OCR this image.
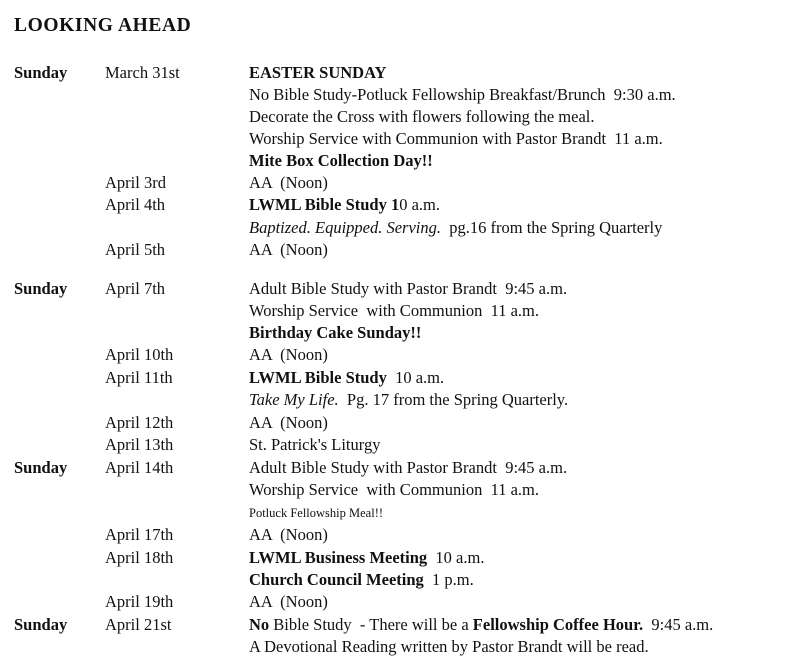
LOOKING AHEAD
Sunday March 31st	EASTER SUNDAY
No Bible Study-Potluck Fellowship Breakfast/Brunch  9:30 a.m.
Decorate the Cross with flowers following the meal.
Worship Service with Communion with Pastor Brandt  11 a.m.
Mite Box Collection Day!!
April 3rd	AA  (Noon)
April 4th	LWML Bible Study 10 a.m.
Baptized. Equipped. Serving.  pg.16 from the Spring Quarterly
April 5th	AA  (Noon)
Sunday April 7th	Adult Bible Study with Pastor Brandt  9:45 a.m.
Worship Service  with Communion  11 a.m.
Birthday Cake Sunday!!
April 10th	AA  (Noon)
April 11th	LWML Bible Study  10 a.m.
Take My Life.  Pg. 17 from the Spring Quarterly.
April 12th	AA  (Noon)
April 13th	St. Patrick's Liturgy
Sunday April 14th	Adult Bible Study with Pastor Brandt  9:45 a.m.
Worship Service  with Communion  11 a.m.
Potluck Fellowship Meal!!
April 17th	AA  (Noon)
April 18th	LWML Business Meeting  10 a.m.
Church Council Meeting  1 p.m.
April 19th	AA  (Noon)
Sunday April 21st	No Bible Study  - There will be a Fellowship Coffee Hour.  9:45 a.m.
A Devotional Reading written by Pastor Brandt will be read.
